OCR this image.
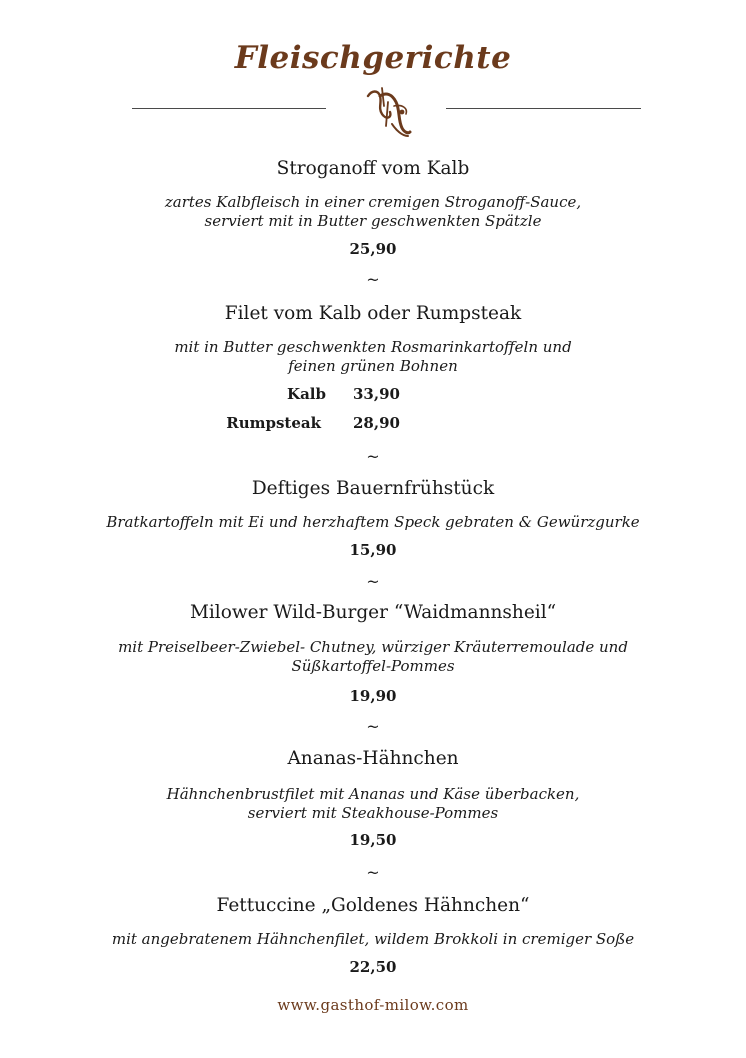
Fleischgerichte
Stroganoff vom Kalb
zartes Kalbfleisch in einer cremigen Stroganoff-Sauce,
serviert mit in Butter geschwenkten Spätzle
25,90
~
Filet vom Kalb oder Rumpsteak
mit in Butter geschwenkten Rosmarinkartoffeln und
feinen grünen Bohnen
Kalb 33,90
Rumpsteak 28,90
~
Deftiges Bauernfrühstück
Bratkartoffeln mit Ei und herzhaftem Speck gebraten & Gewürzgurke
15,90
~
Milower Wild-Burger “Waidmannsheil“
mit Preiselbeer-Zwiebel- Chutney, würziger Kräuterremoulade und
Süßkartoffel-Pommes
19,90
~
Ananas-Hähnchen
Hähnchenbrustfilet mit Ananas und Käse überbacken,
serviert mit Steakhouse-Pommes
19,50
~
Fettuccine „Goldenes Hähnchen“
mit angebratenem Hähnchenfilet, wildem Brokkoli in cremiger Soße
22,50
www.gasthof-milow.com
